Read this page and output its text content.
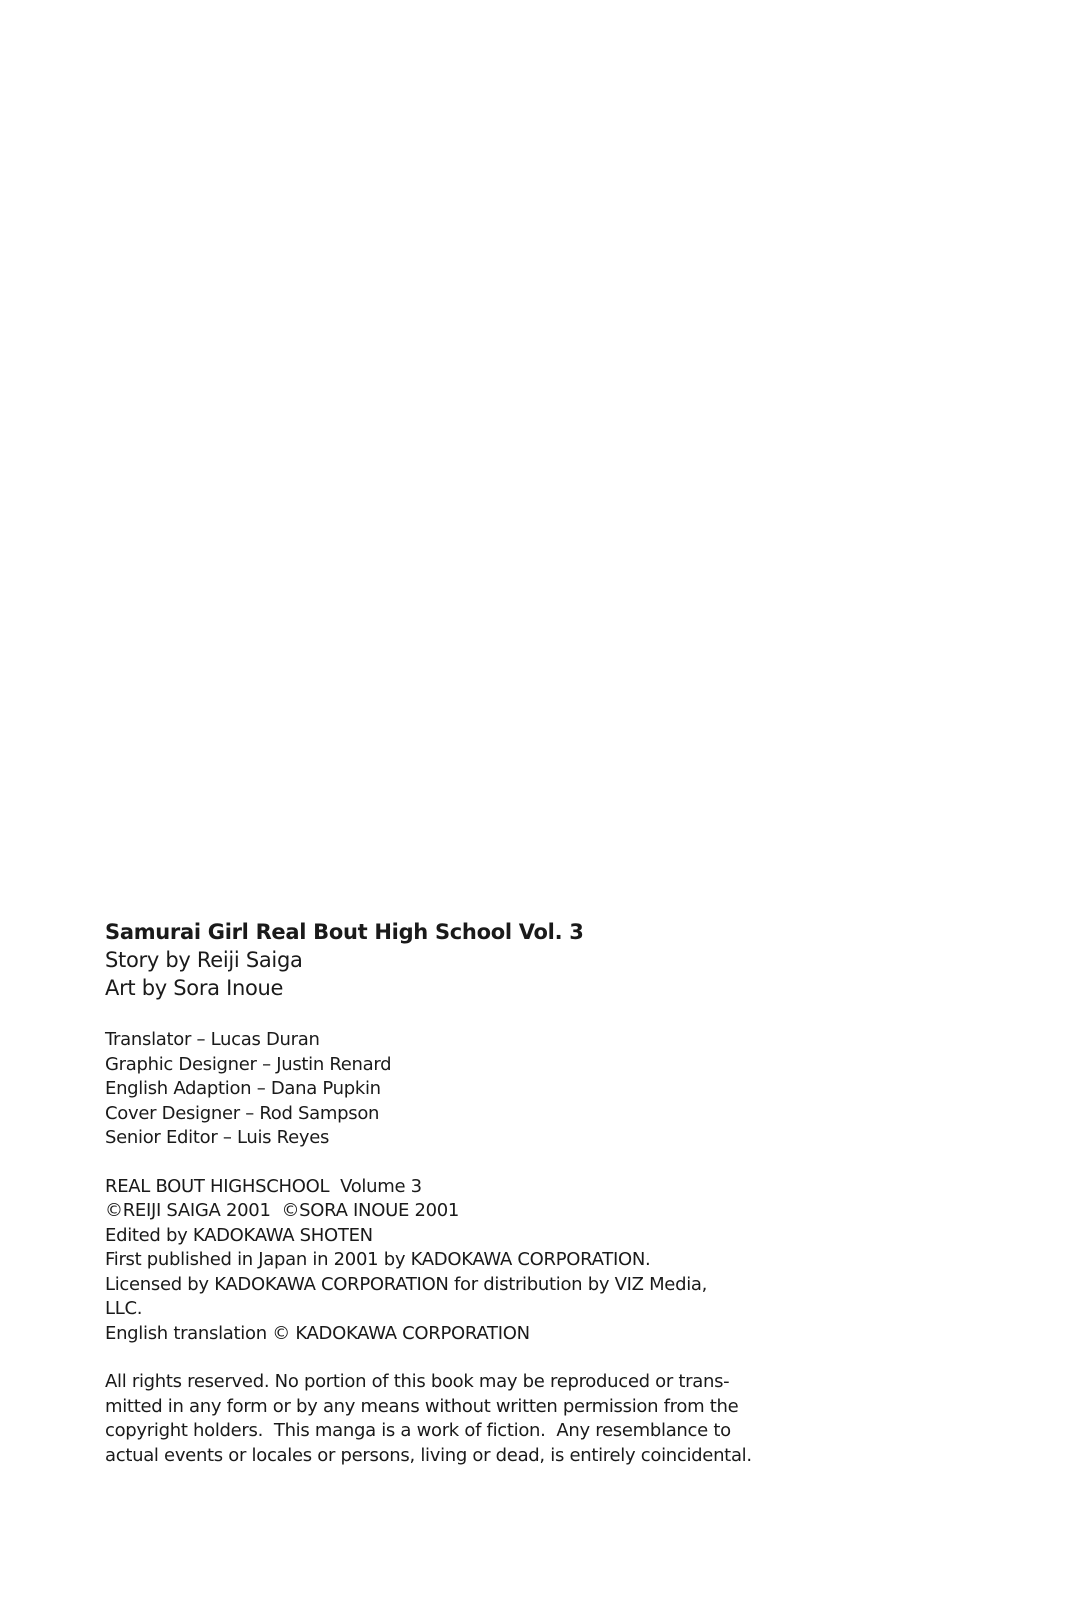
Samurai Girl Real Bout High School Vol. 3
Story by Reiji Saiga
Art by Sora Inoue
Translator – Lucas Duran
Graphic Designer – Justin Renard
English Adaption – Dana Pupkin
Cover Designer – Rod Sampson
Senior Editor – Luis Reyes
REAL BOUT HIGHSCHOOL  Volume 3
©REIJI SAIGA 2001  ©SORA INOUE 2001
Edited by KADOKAWA SHOTEN
First published in Japan in 2001 by KADOKAWA CORPORATION.
Licensed by KADOKAWA CORPORATION for distribution by VIZ Media,
LLC.
English translation © KADOKAWA CORPORATION
All rights reserved. No portion of this book may be reproduced or trans-
mitted in any form or by any means without written permission from the
copyright holders.  This manga is a work of fiction.  Any resemblance to
actual events or locales or persons, living or dead, is entirely coincidental.
